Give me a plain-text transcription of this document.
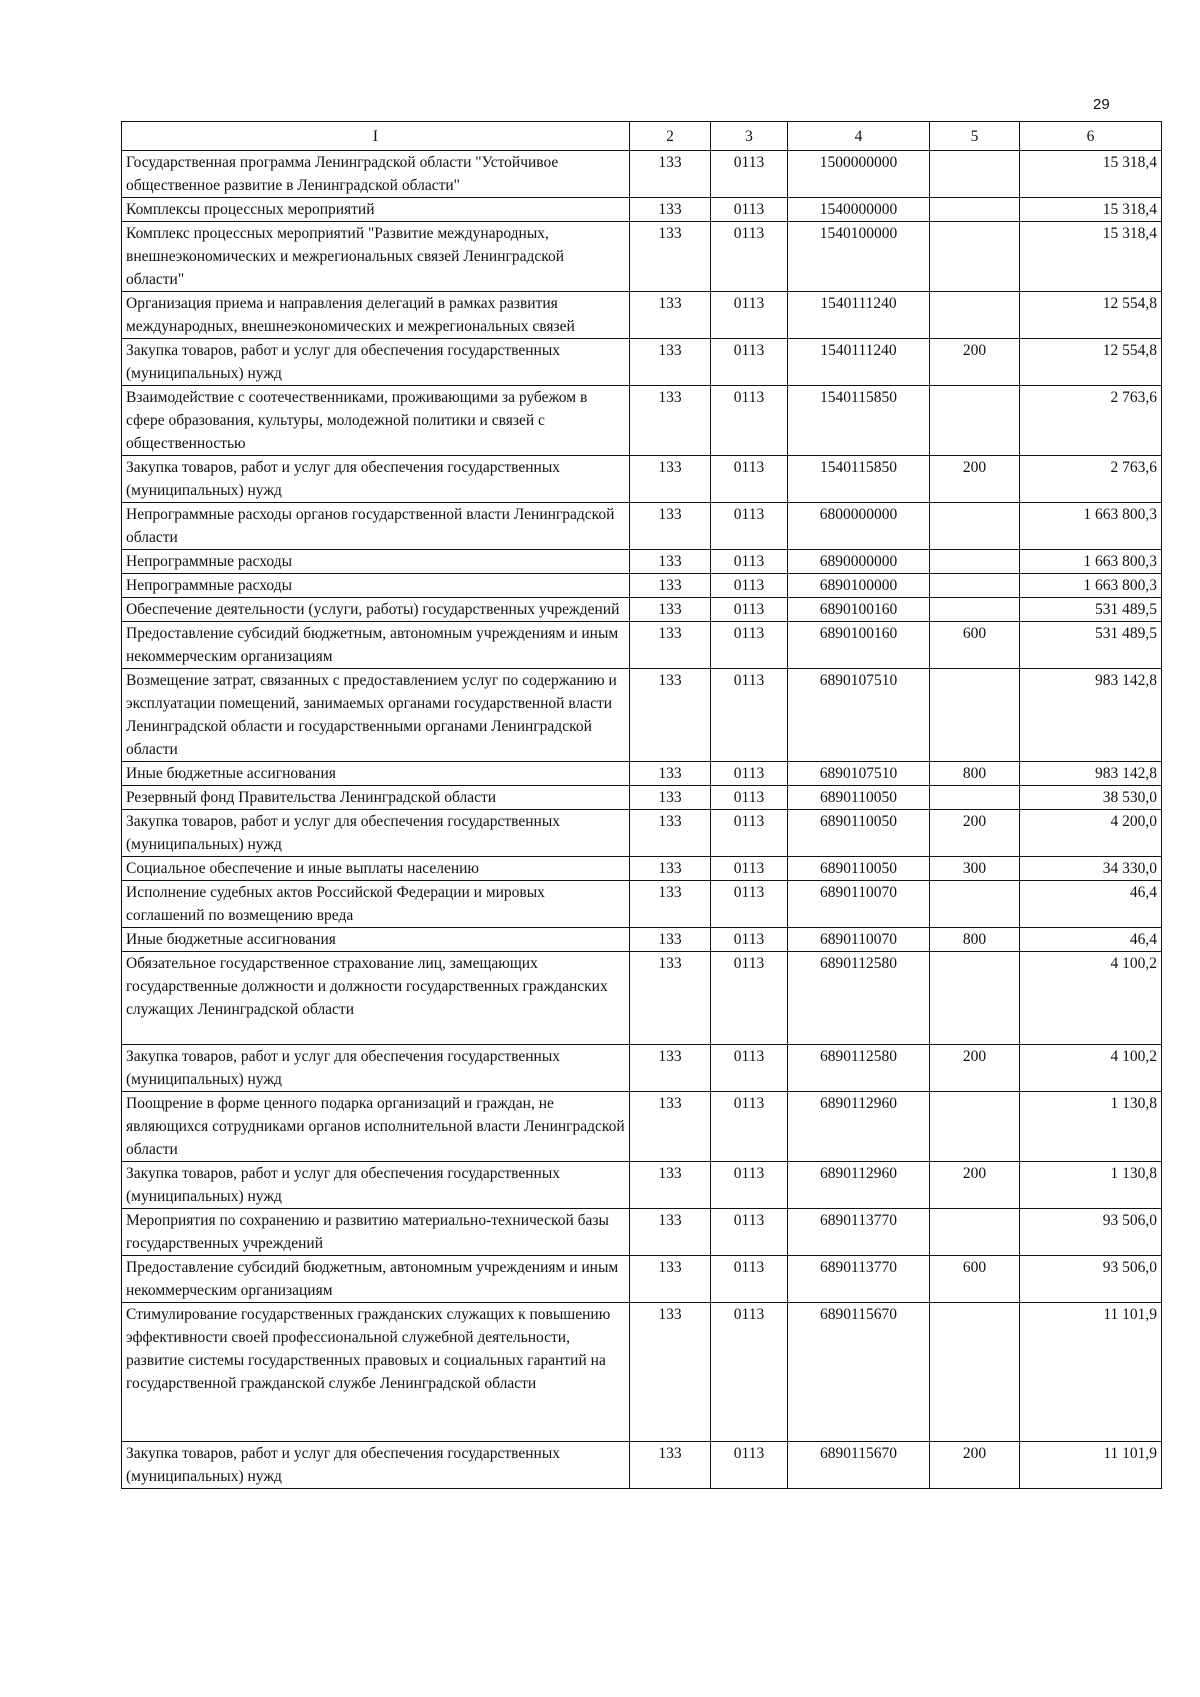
29
I	2	3	4	5	6
Государственная программа Ленинградской области "Устойчивое общественное развитие в Ленинградской области"	133	0113	1500000000		15 318,4
Комплексы процессных мероприятий	133	0113	1540000000		15 318,4
Комплекс процессных мероприятий "Развитие международных, внешнеэкономических и межрегиональных связей Ленинградской области"	133	0113	1540100000		15 318,4
Организация приема и направления делегаций в рамках развития международных, внешнеэкономических и межрегиональных связей	133	0113	1540111240		12 554,8
Закупка товаров, работ и услуг для обеспечения государственных (муниципальных) нужд	133	0113	1540111240	200	12 554,8
Взаимодействие с соотечественниками, проживающими за рубежом в сфере образования, культуры, молодежной политики и связей с общественностью	133	0113	1540115850		2 763,6
Закупка товаров, работ и услуг для обеспечения государственных (муниципальных) нужд	133	0113	1540115850	200	2 763,6
Непрограммные расходы органов государственной власти Ленинградской области	133	0113	6800000000		1 663 800,3
Непрограммные расходы	133	0113	6890000000		1 663 800,3
Непрограммные расходы	133	0113	6890100000		1 663 800,3
Обеспечение деятельности (услуги, работы) государственных учреждений	133	0113	6890100160		531 489,5
Предоставление субсидий бюджетным, автономным учреждениям и иным некоммерческим организациям	133	0113	6890100160	600	531 489,5
Возмещение затрат, связанных с предоставлением услуг по содержанию и эксплуатации помещений, занимаемых органами государственной власти Ленинградской области и государственными органами Ленинградской области	133	0113	6890107510		983 142,8
Иные бюджетные ассигнования	133	0113	6890107510	800	983 142,8
Резервный фонд Правительства Ленинградской области	133	0113	6890110050		38 530,0
Закупка товаров, работ и услуг для обеспечения государственных (муниципальных) нужд	133	0113	6890110050	200	4 200,0
Социальное обеспечение и иные выплаты населению	133	0113	6890110050	300	34 330,0
Исполнение судебных актов Российской Федерации и мировых соглашений по возмещению вреда	133	0113	6890110070		46,4
Иные бюджетные ассигнования	133	0113	6890110070	800	46,4
Обязательное государственное страхование лиц, замещающих государственные должности и должности государственных гражданских служащих Ленинградской области	133	0113	6890112580		4 100,2
Закупка товаров, работ и услуг для обеспечения государственных (муниципальных) нужд	133	0113	6890112580	200	4 100,2
Поощрение в форме ценного подарка организаций и граждан, не являющихся сотрудниками органов исполнительной власти Ленинградской области	133	0113	6890112960		1 130,8
Закупка товаров, работ и услуг для обеспечения государственных (муниципальных) нужд	133	0113	6890112960	200	1 130,8
Мероприятия по сохранению и развитию материально-технической базы государственных учреждений	133	0113	6890113770		93 506,0
Предоставление субсидий бюджетным, автономным учреждениям и иным некоммерческим организациям	133	0113	6890113770	600	93 506,0
Стимулирование государственных гражданских служащих к повышению эффективности своей профессиональной служебной деятельности, развитие системы государственных правовых и социальных гарантий на государственной гражданской службе Ленинградской области	133	0113	6890115670		11 101,9
Закупка товаров, работ и услуг для обеспечения государственных (муниципальных) нужд	133	0113	6890115670	200	11 101,9
